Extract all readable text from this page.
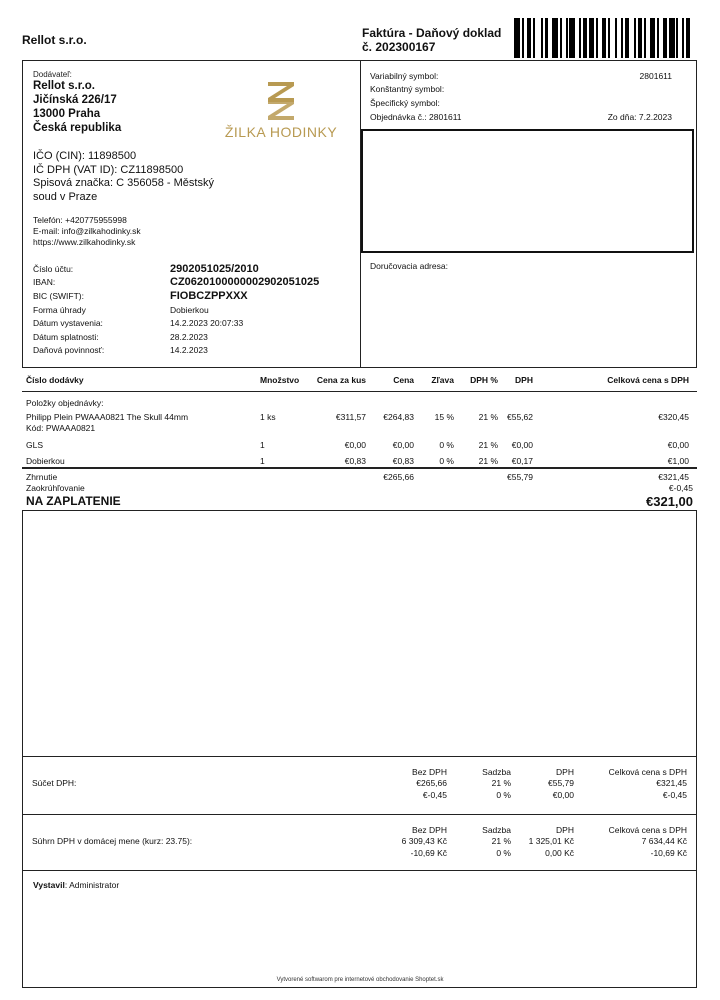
Rellot s.r.o.	Faktúra - Daňový doklad
č. 202300167
Dodávateľ:
Rellot s.r.o.
Jičínská 226/17
13000 Praha
Česká republika	ŽILKA HODINKY
IČO (CIN): 11898500
IČ DPH (VAT ID): CZ11898500
Spisová značka: C 356058 - Městský soud v Praze
Telefón: +420775955998
E-mail: info@zilkahodinky.sk
https://www.zilkahodinky.sk
Číslo účtu:	2902051025/2010
IBAN:	CZ0620100000002902051025
BIC (SWIFT):	FIOBCZPPXXX
Forma úhrady	Dobierkou
Dátum vystavenia:	14.2.2023 20:07:33
Dátum splatnosti:	28.2.2023
Daňová povinnosť:	14.2.2023
Variabilný symbol:	2801611
Konštantný symbol:
Špecifický symbol:
Objednávka č.: 2801611	Zo dňa: 7.2.2023
Doručovacia adresa:
Číslo dodávky	Množstvo	Cena za kus	Cena	Zľava	DPH %	DPH	Celková cena s DPH
Položky objednávky:
Philipp Plein PWAAA0821 The Skull 44mm
Kód: PWAAA0821
1 ks	€311,57	€264,83	15 %	21 %	€55,62	€320,45
GLS	1	€0,00	€0,00	0 %	21 %	€0,00	€0,00
Dobierkou	1	€0,83	€0,83	0 %	21 %	€0,17	€1,00
Zhrnutie	€265,66	€55,79	€321,45
Zaokrúhľovanie	€-0,45
NA ZAPLATENIE	€321,00
Bez DPH	Sadzba	DPH	Celková cena s DPH
Súčet DPH:	€265,66	21 %	€55,79	€321,45
€-0,45	0 %	€0,00	€-0,45
Bez DPH	Sadzba	DPH	Celková cena s DPH
Súhrn DPH v domácej mene (kurz: 23.75):	6 309,43 Kč	21 %	1 325,01 Kč	7 634,44 Kč
-10,69 Kč	0 %	0,00 Kč	-10,69 Kč
Vystavil: Administrator
Vytvorené softwarom pre internetové obchodovanie Shoptet.sk
